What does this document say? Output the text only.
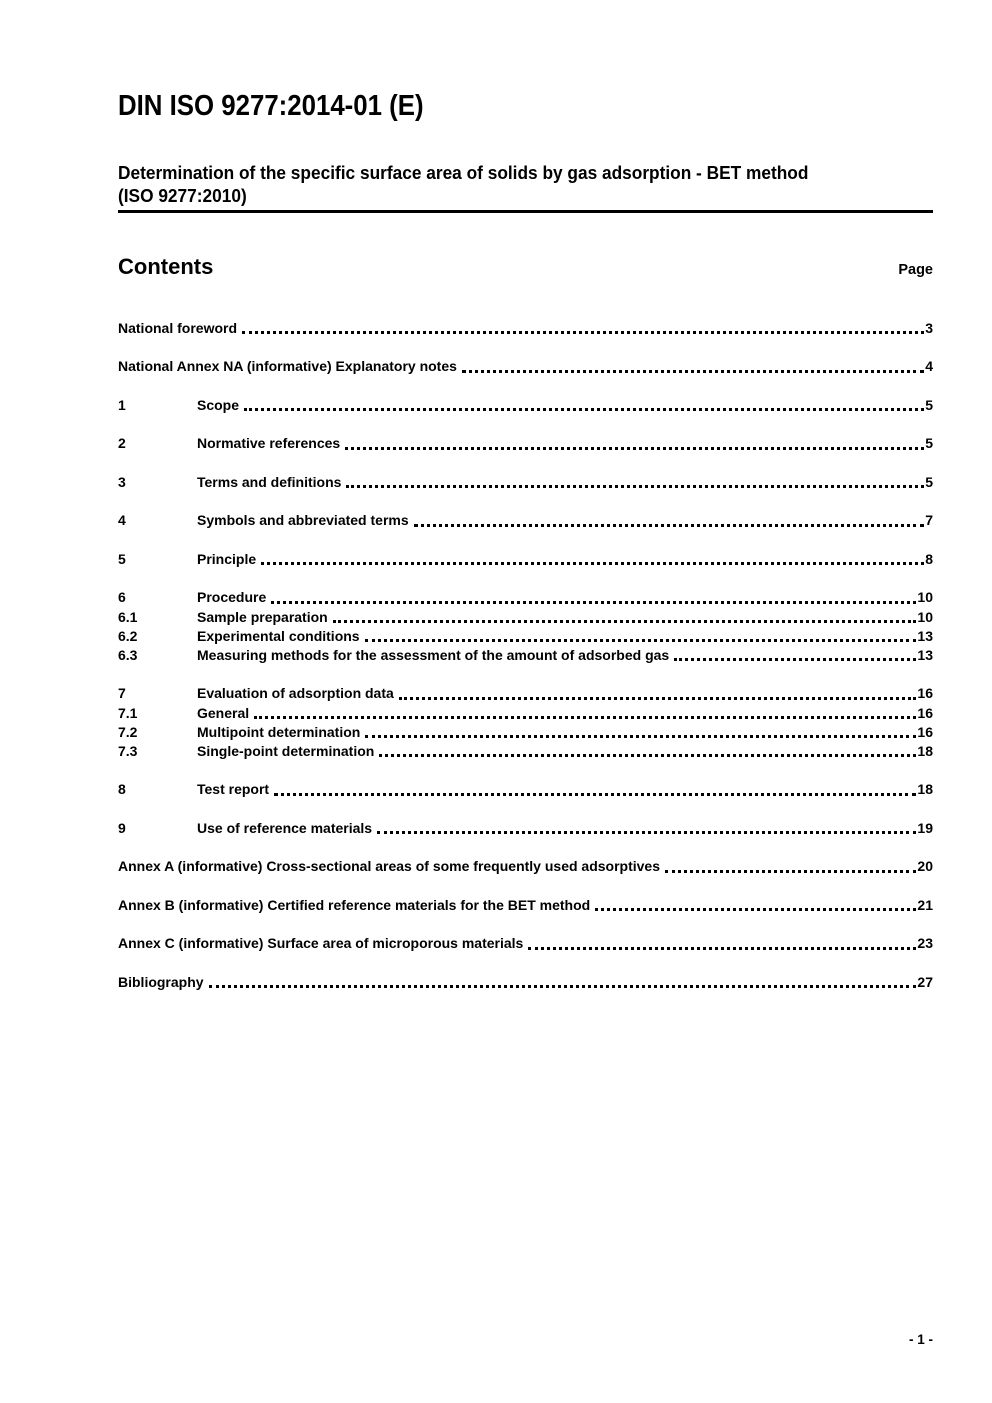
DIN ISO 9277:2014-01 (E)
Determination of the specific surface area of solids by gas adsorption - BET method
(ISO 9277:2010)
Contents	Page
National foreword	3
National Annex NA (informative) Explanatory notes	4
1	Scope	5
2	Normative references	5
3	Terms and definitions	5
4	Symbols and abbreviated terms	7
5	Principle	8
6	Procedure	10
6.1	Sample preparation	10
6.2	Experimental conditions	13
6.3	Measuring methods for the assessment of the amount of adsorbed gas	13
7	Evaluation of adsorption data	16
7.1	General	16
7.2	Multipoint determination	16
7.3	Single-point determination	18
8	Test report	18
9	Use of reference materials	19
Annex A (informative) Cross-sectional areas of some frequently used adsorptives	20
Annex B (informative) Certified reference materials for the BET method	21
Annex C (informative) Surface area of microporous materials	23
Bibliography	27
- 1 -
